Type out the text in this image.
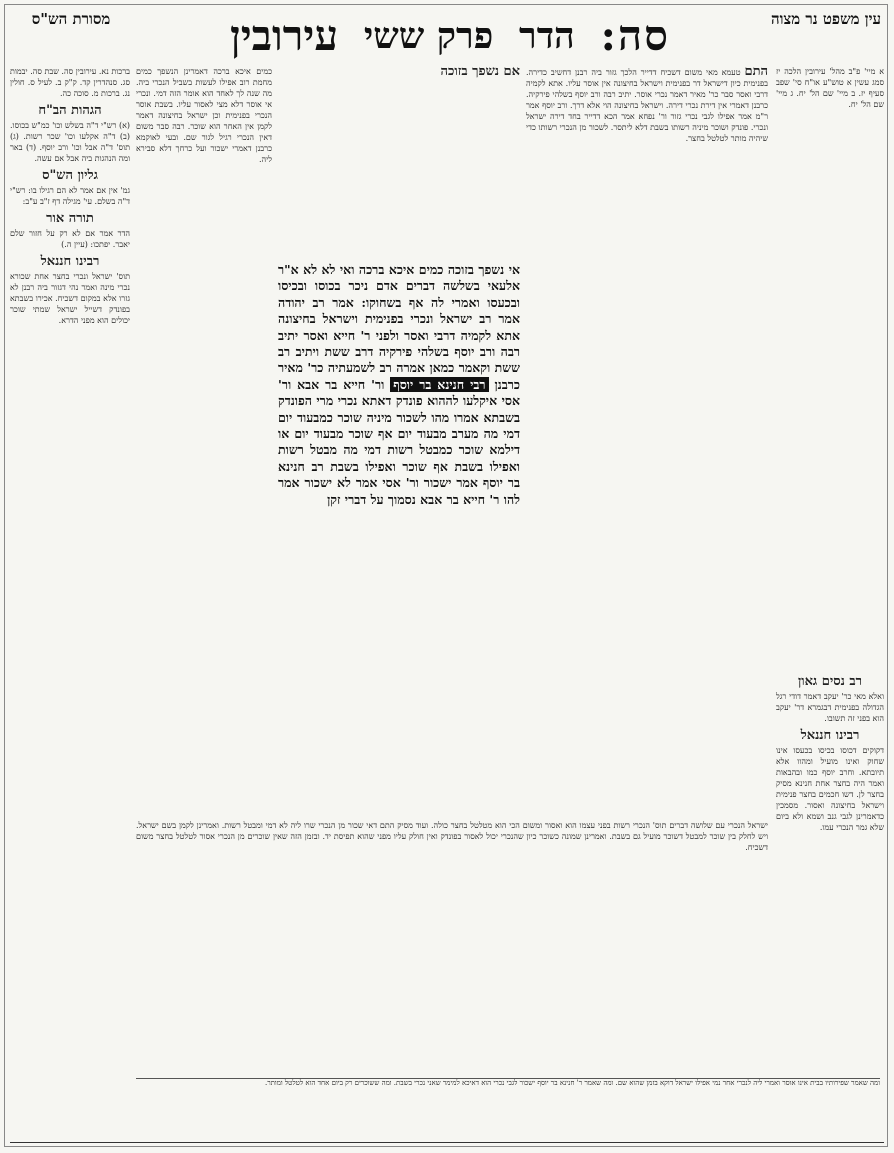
מסורת הש"ס	עין משפט נר מצוה
סה:
הדר
פרק ששי
עירובין

א מיי' פ"ב מהל' עירובין הלכה יז סמג עשין א טוש"ע או"ח סי' שפב סעיף יז. ב מיי' שם הל' יח. ג מיי' שם הל' יח.

רב נסים גאון

ואלא מאי כר' יעקב דאמר דודי רגל הגדולה בפנימית דבגמרא דר' יעקב הוא בפני זה תשובו.

רבינו חננאל

דקוקים דכוסו בכיסו בכעסו אינו שחוק ואינו מועיל ומהוו אלא תיובתא. וחרב יוסף כמו ובהבאות ואמר היה בחצר אחת חנינא מסיק בחצר לן. דשו חכמים בחצר פנימית וישראל בחיצונה ואסור. מסמכין כדאמרינן לגבי גנב ושמא ולא ביום שלא גמר הנכרי עמו.

התם טעמא מאי משום דשכיח דדייר הלכך גזור ביה רבנן דחשיב כדירה. בפנימית כיון דישראל דר בפנימית וישראל בחיצונה אין אוסר עליו. אתא לקמיה דרבי ואסר סבר כר' מאיר דאמר נכרי אוסר. יתיב רבה ורב יוסף בשלהי פירקיה. כרבנן דאמרי אין דירת נכרי דירה. וישראל בחיצונה הוי אלא דרך. ורב יוסף אמר ר"מ אמר אפילו לגבי נכרי גזור ור' נפחא אמר הכא דדייר בחד דירה ישראל ונכרי. פונדק ושוכר מיניה רשותו בשבת דלא ליתסר. לשכור מן הנכרי רשותו כדי שיהיה מותר לטלטל בחצר.
אם נשפך בזוכה
אי נשפך בזוכה כמים איכא ברכה ואי לא לא א"ר אלעאי בשלשה דברים אדם ניכר בכוסו ובכיסו ובכעסו ואמרי לה אף בשחוקו: אמר רב יהודה אמר רב ישראל ונכרי בפנימית וישראל בחיצונה אתא לקמיה דרבי ואסר ולפני ר' חייא ואסר יתיב רבה ורב יוסף בשלהי פירקיה דרב ששת ויתיב רב ששת וקאמר כמאן אמרה רב לשמעתיה כר' מאיר כרבנן רבי חנינא בר יוסף ור' חייא בר אבא ור' אסי איקלעו לההוא פונדק דאתא נכרי מרי הפונדק בשבתא אמרו מהו לשכור מיניה שוכר כמבעוד יום דמי מה מערב מבעוד יום אף שוכר מבעוד יום או דילמא שוכר כמבטל רשות דמי מה מבטל רשות ואפילו בשבת אף שוכר ואפילו בשבת רב חנינא בר יוסף אמר ישכור ור' אסי אמר לא ישכור אמר להו ר' חייא בר אבא נסמוך על דברי זקן

כמים איכא ברכה דאמרינן הנשפך כמים מחמת רוב אפילו לעשות בשביל הנכרי ביה. מה שנה לך לאחד הוא אומר הזה דמי. ונכרי אי אוסר דלא מצי לאסור עליו. בשבת אוסר הנכרי בפנימית וכן ישראל בחיצונה דאמר לקמן אין האחר הוא שוכר. רבה סבר משום דאין הנכרי רגיל לגור שם. ובעי לאוקמא כרבנן דאמרי ישכור ועל כרחך דלא סבירא ליה.

ברכות נא. עירובין סה. שבת סה. יבמות סג. סנהדרין קד. ק"ק ב. לעיל ס. חולין נג. ברכות מ. סוכה כה.

הגהות הב"ח

(א) רש"י ד"ה בשלש וכו' כמ"ש בכוסו. (ב) ד"ה אקלעו וכו' שכר רשות. (ג) תוס' ד"ה אבל וכו' ורב יוסף. (ד) באר ומה הנהגות ביה אבל אם עשה.

גליון הש"ס

גמ' אין אם אמר לא הם רגילו בו: רש"י ד"ה בשלם. עי' מגילה דף ז"ב ע"ב:

תורה אור

הדר אמר אם לא רק על חזור שלם יאבר. יפתכו: (עיין ה.)

רבינו חננאל

תוס' ישראל ונכרי בחצר אחת שכורא נכרי מינה ואמר נהי דגזור ביה רבנן לא גזרו אלא במקום דשכיח. אכירו בשבתא בפונדק דשייל ישראל שמתי שוכר יכולים הוא מפני הדרא.

ישראל הנכרי עם שלושה דברים תוס' הנכרי רשות בפני עצמו הוא ואסור ומשום הכי הוא מטלטל בחצר כולה. ועוד מסיק התם דאי שכור מן הנכרי שרו ליה לא דמי ומבטל רשות. ואמרינן לקמן בשם ישראל. ויש לחלק בין שוכר למבטל דשוכר מועיל גם בשבת. ואמרינן שמונה כשוכר כיון שהנכרי יכול לאסור בפונדק ואין חולק עליו מפני שהוא תפיסת יד. ובזמן הזה שאין שוכרים מן הנכרי אסור לטלטל בחצר משום דשכיח.

ומה שאמר שפירותיו בבית אינו אוסר ואמרי ליה לנכרי אחר נמי אפילו ישראל דוקא בזמן שהוא שם. ומה שאמר ר' חנינא בר יוסף ישכור לגבי נכרי הוא דאיכא למימר שאני נכרי בשבת. ומה ששוכרים רק ביום אחד הוא לטלטל ומותר.
